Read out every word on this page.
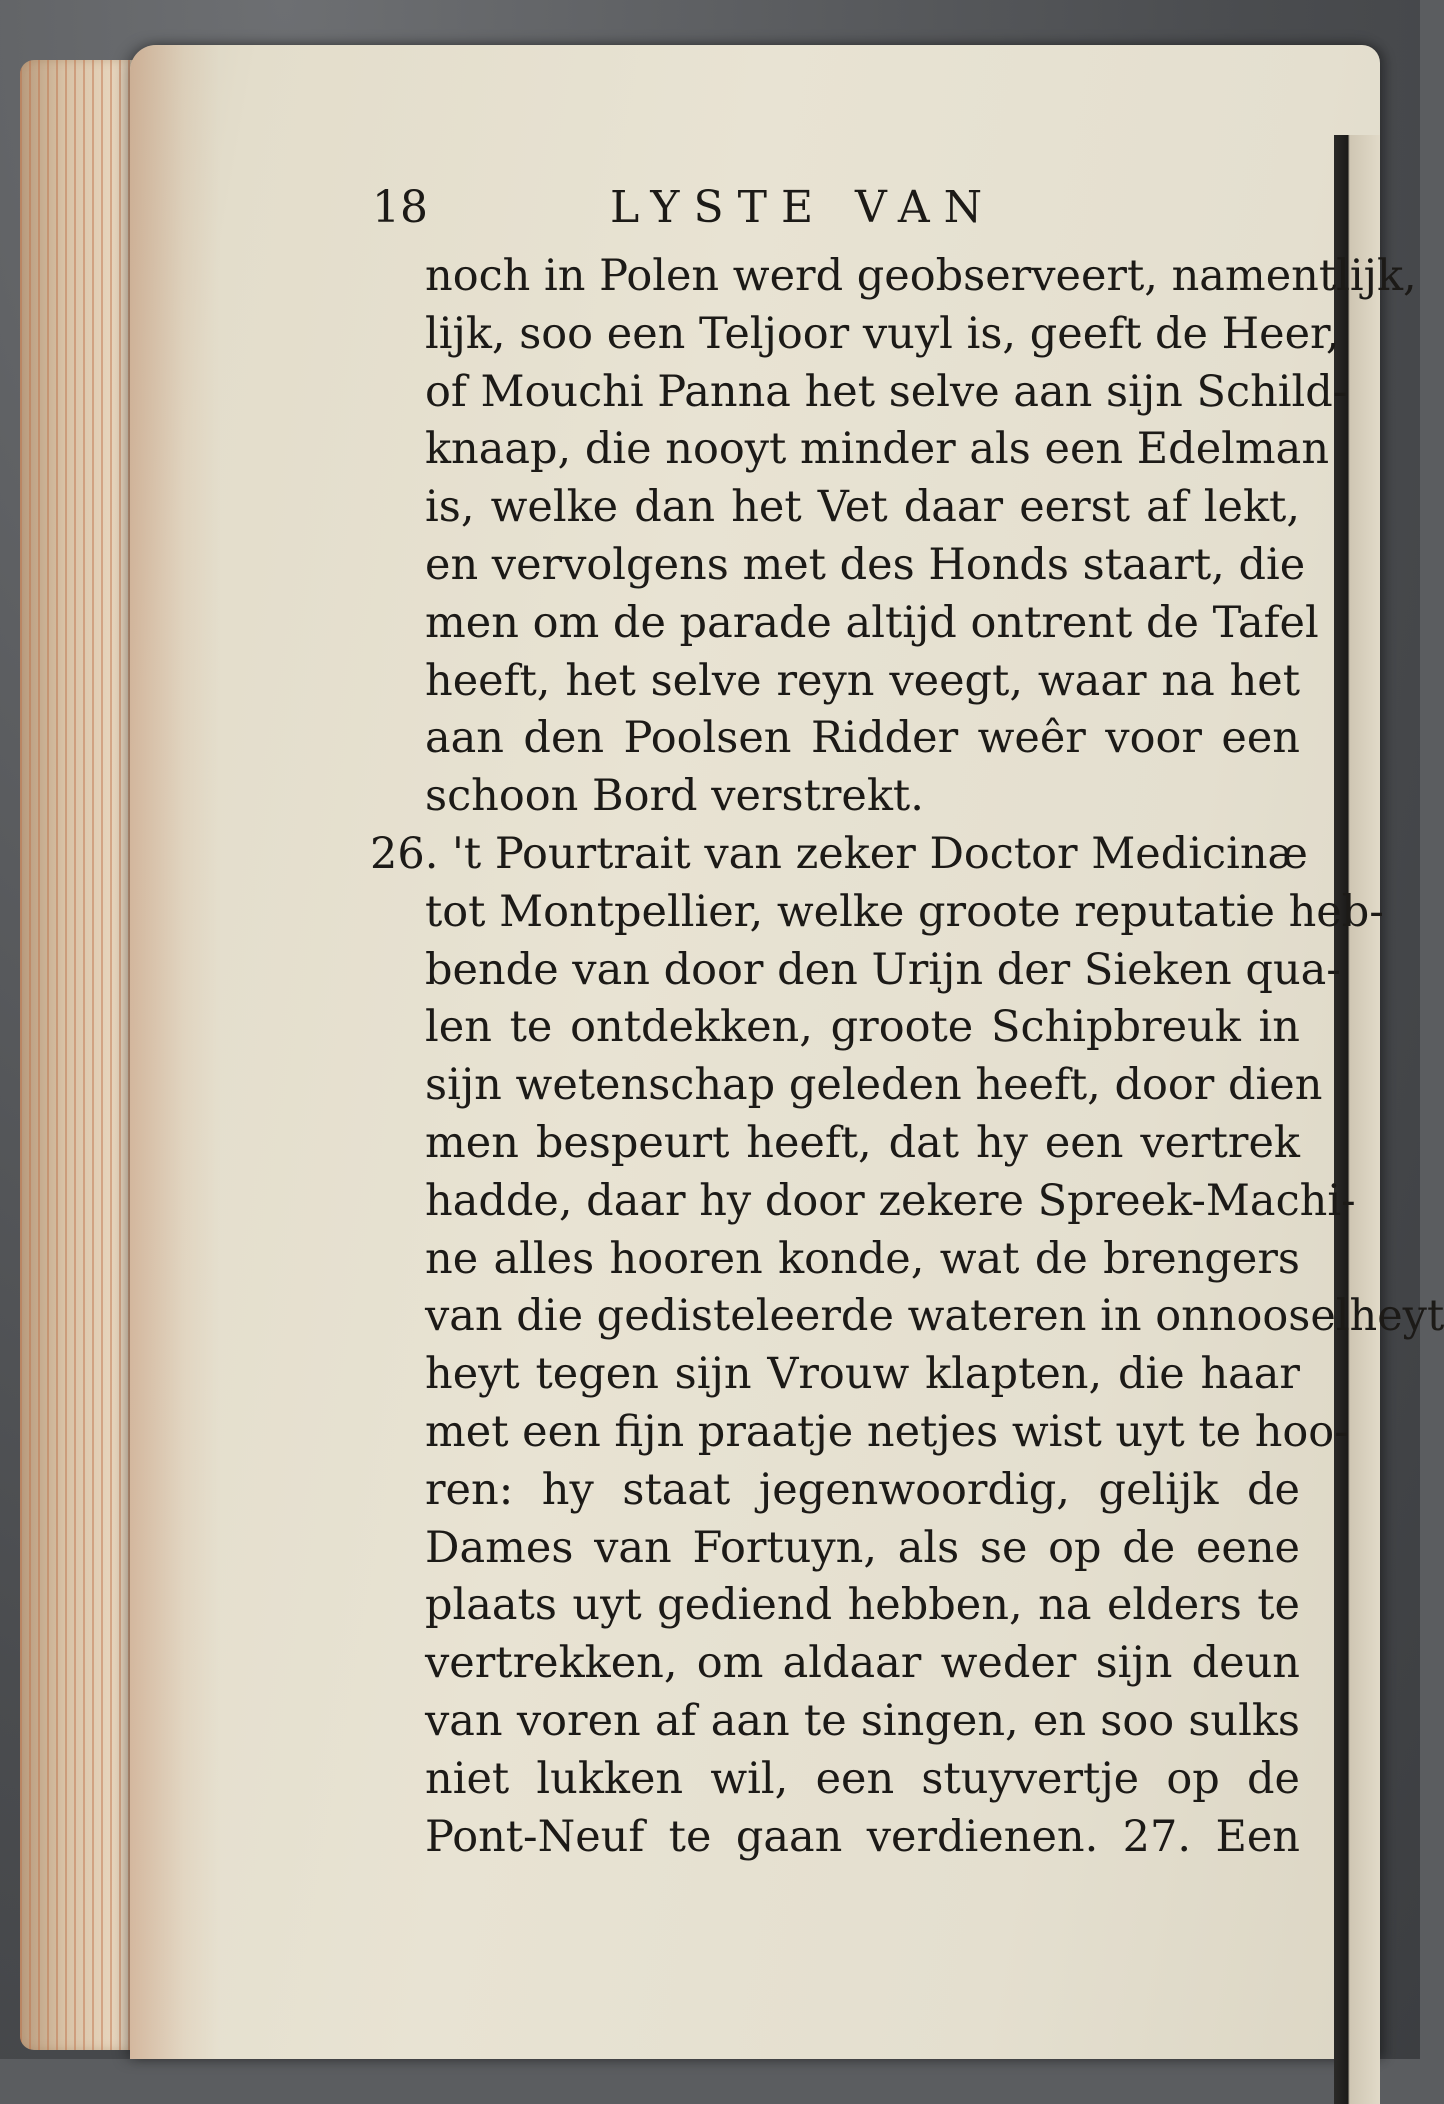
18	LYSTE VAN
noch in Polen werd geobserveert, namentlijk,
lijk, soo een Teljoor vuyl is, geeft de Heer,
of Mouchi Panna het selve aan sijn Schild-
knaap, die nooyt minder als een Edelman
is, welke dan het Vet daar eerst af lekt,
en vervolgens met des Honds staart, die
men om de parade altijd ontrent de Tafel
heeft, het selve reyn veegt, waar na het
aan den Poolsen Ridder weêr voor een
schoon Bord verstrekt.
26. 't Pourtrait van zeker Doctor Medicinæ
tot Montpellier, welke groote reputatie heb-
bende van door den Urijn der Sieken qua-
len te ontdekken, groote Schipbreuk in
sijn wetenschap geleden heeft, door dien
men bespeurt heeft, dat hy een vertrek
hadde, daar hy door zekere Spreek-Machi-
ne alles hooren konde, wat de brengers
van die gedisteleerde wateren in onnooselheyt
heyt tegen sijn Vrouw klapten, die haar
met een fijn praatje netjes wist uyt te hoo-
ren: hy staat jegenwoordig, gelijk de
Dames van Fortuyn, als se op de eene
plaats uyt gediend hebben, na elders te
vertrekken, om aldaar weder sijn deun
van voren af aan te singen, en soo sulks
niet lukken wil, een stuyvertje op de
Pont-Neuf te gaan verdienen. 27. Een
